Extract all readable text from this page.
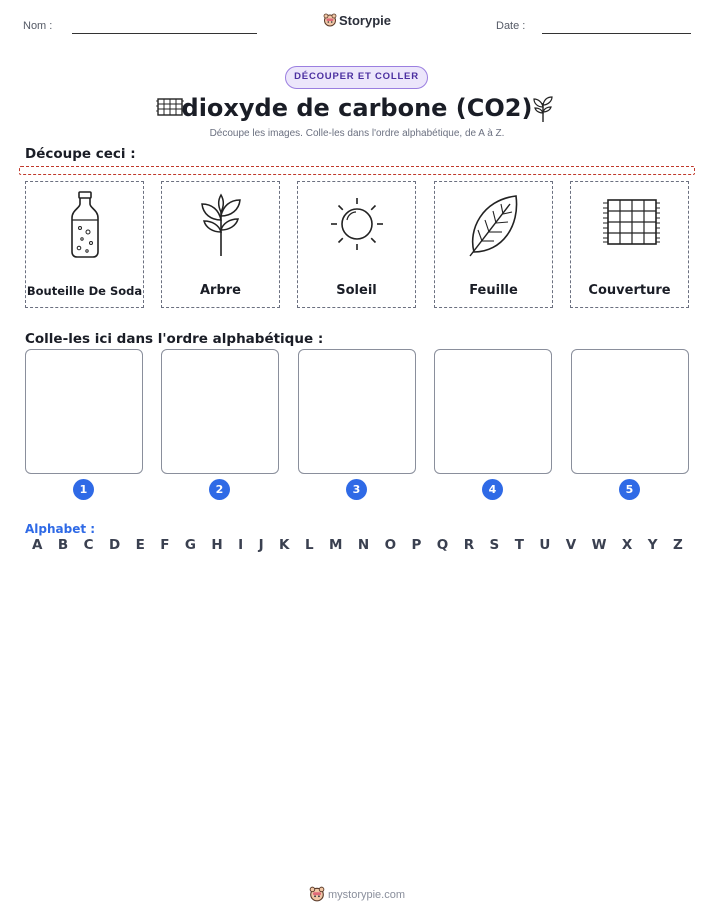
Nom :	Storypie	Date :
DÉCOUPER ET COLLER
dioxyde de carbone (CO2)
Découpe les images. Colle-les dans l'ordre alphabétique, de A à Z.
Découpe ceci :
Bouteille De Soda	Arbre	Soleil	Feuille	Couverture
Colle-les ici dans l'ordre alphabétique :
1	2	3	4	5
Alphabet :
A B C D E F G H I J K L M N O P Q R S T U V W X Y Z
mystorypie.com
